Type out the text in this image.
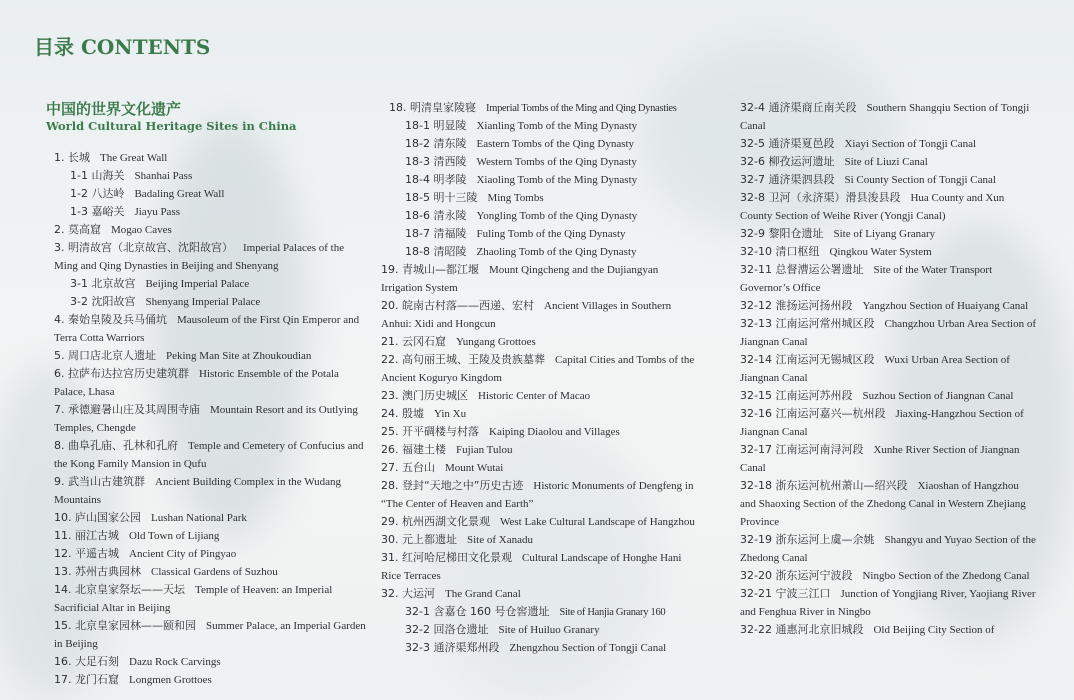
目录 CONTENTS

中国的世界文化遗产

World Cultural Heritage Sites in China

1. 长城 The Great Wall

1-1 山海关 Shanhai Pass

1-2 八达岭 Badaling Great Wall

1-3 嘉峪关 Jiayu Pass

2. 莫高窟 Mogao Caves

3. 明清故宫（北京故宫、沈阳故宫） Imperial Palaces of the Ming and Qing Dynasties in Beijing and Shenyang

3-1 北京故宫 Beijing Imperial Palace

3-2 沈阳故宫 Shenyang Imperial Palace

4. 秦始皇陵及兵马俑坑 Mausoleum of the First Qin Emperor and Terra Cotta Warriors

5. 周口店北京人遗址 Peking Man Site at Zhoukoudian

6. 拉萨布达拉宫历史建筑群 Historic Ensemble of the Potala Palace, Lhasa

7. 承德避暑山庄及其周围寺庙 Mountain Resort and its Outlying Temples, Chengde

8. 曲阜孔庙、孔林和孔府 Temple and Cemetery of Confucius and the Kong Family Mansion in Qufu

9. 武当山古建筑群 Ancient Building Complex in the Wudang Mountains

10. 庐山国家公园 Lushan National Park

11. 丽江古城 Old Town of Lijiang

12. 平遥古城 Ancient City of Pingyao

13. 苏州古典园林 Classical Gardens of Suzhou

14. 北京皇家祭坛——天坛 Temple of Heaven: an Imperial Sacrificial Altar in Beijing

15. 北京皇家园林——颐和园 Summer Palace, an Imperial Garden in Beijing

16. 大足石刻 Dazu Rock Carvings

17. 龙门石窟 Longmen Grottoes

18. 明清皇家陵寝 Imperial Tombs of the Ming and Qing Dynasties

18-1 明显陵 Xianling Tomb of the Ming Dynasty

18-2 清东陵 Eastern Tombs of the Qing Dynasty

18-3 清西陵 Western Tombs of the Qing Dynasty

18-4 明孝陵 Xiaoling Tomb of the Ming Dynasty

18-5 明十三陵 Ming Tombs

18-6 清永陵 Yongling Tomb of the Qing Dynasty

18-7 清福陵 Fuling Tomb of the Qing Dynasty

18-8 清昭陵 Zhaoling Tomb of the Qing Dynasty

19. 青城山—都江堰 Mount Qingcheng and the Dujiangyan Irrigation System

20. 皖南古村落——西递、宏村 Ancient Villages in Southern Anhui: Xidi and Hongcun

21. 云冈石窟 Yungang Grottoes

22. 高句丽王城、王陵及贵族墓葬 Capital Cities and Tombs of the Ancient Koguryo Kingdom

23. 澳门历史城区 Historic Center of Macao

24. 殷墟 Yin Xu

25. 开平碉楼与村落 Kaiping Diaolou and Villages

26. 福建土楼 Fujian Tulou

27. 五台山 Mount Wutai

28. 登封“天地之中”历史古迹 Historic Monuments of Dengfeng in “The Center of Heaven and Earth”

29. 杭州西湖文化景观 West Lake Cultural Landscape of Hangzhou

30. 元上都遗址 Site of Xanadu

31. 红河哈尼梯田文化景观 Cultural Landscape of Honghe Hani Rice Terraces

32. 大运河 The Grand Canal

32-1 含嘉仓 160 号仓窖遗址 Site of Hanjia Granary 160

32-2 回洛仓遗址 Site of Huiluo Granary

32-3 通济渠郑州段 Zhengzhou Section of Tongji Canal

32-4 通济渠商丘南关段 Southern Shangqiu Section of Tongji Canal

32-5 通济渠夏邑段 Xiayi Section of Tongji Canal

32-6 柳孜运河遗址 Site of Liuzi Canal

32-7 通济渠泗县段 Si County Section of Tongji Canal

32-8 卫河（永济渠）滑县浚县段 Hua County and Xun County Section of Weihe River (Yongji Canal)

32-9 黎阳仓遗址 Site of Liyang Granary

32-10 清口枢纽 Qingkou Water System

32-11 总督漕运公署遗址 Site of the Water Transport Governor’s Office

32-12 淮扬运河扬州段 Yangzhou Section of Huaiyang Canal

32-13 江南运河常州城区段 Changzhou Urban Area Section of Jiangnan Canal

32-14 江南运河无锡城区段 Wuxi Urban Area Section of Jiangnan Canal

32-15 江南运河苏州段 Suzhou Section of Jiangnan Canal

32-16 江南运河嘉兴—杭州段 Jiaxing-Hangzhou Section of Jiangnan Canal

32-17 江南运河南浔河段 Xunhe River Section of Jiangnan Canal

32-18 浙东运河杭州萧山—绍兴段 Xiaoshan of Hangzhou and Shaoxing Section of the Zhedong Canal in Western Zhejiang Province

32-19 浙东运河上虞—余姚 Shangyu and Yuyao Section of the Zhedong Canal

32-20 浙东运河宁波段 Ningbo Section of the Zhedong Canal

32-21 宁波三江口 Junction of Yongjiang River, Yaojiang River and Fenghua River in Ningbo

32-22 通惠河北京旧城段 Old Beijing City Section of
